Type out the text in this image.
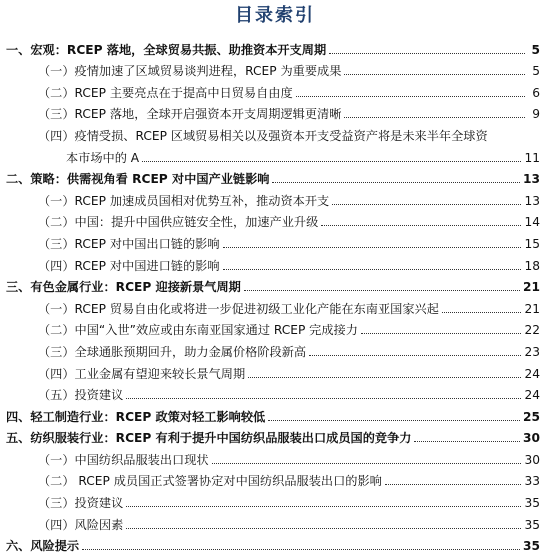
目录索引
一、宏观：RCEP 落地，全球贸易共振、助推资本开支周期	5
（一）疫情加速了区域贸易谈判进程，RCEP 为重要成果	5
（二）RCEP 主要亮点在于提高中日贸易自由度	6
（三）RCEP 落地，全球开启强资本开支周期逻辑更清晰	9
（四）疫情受损、RCEP 区域贸易相关以及强资本开支受益资产将是未来半年全球资
本市场中的 A	11
二、策略：供需视角看 RCEP 对中国产业链影响	13
（一）RCEP 加速成员国相对优势互补，推动资本开支	13
（二）中国：提升中国供应链安全性，加速产业升级	14
（三）RCEP 对中国出口链的影响	15
（四）RCEP 对中国进口链的影响	18
三、有色金属行业：RCEP 迎接新景气周期	21
（一）RCEP 贸易自由化或将进一步促进初级工业化产能在东南亚国家兴起	21
（二）中国“入世”效应或由东南亚国家通过 RCEP 完成接力	22
（三）全球通胀预期回升，助力金属价格阶段新高	23
（四）工业金属有望迎来较长景气周期	24
（五）投资建议	24
四、轻工制造行业：RCEP 政策对轻工影响较低	25
五、纺织服装行业：RCEP 有利于提升中国纺织品服装出口成员国的竞争力	30
（一）中国纺织品服装出口现状	30
（二） RCEP 成员国正式签署协定对中国纺织品服装出口的影响	33
（三）投资建议	35
（四）风险因素	35
六、风险提示	35
